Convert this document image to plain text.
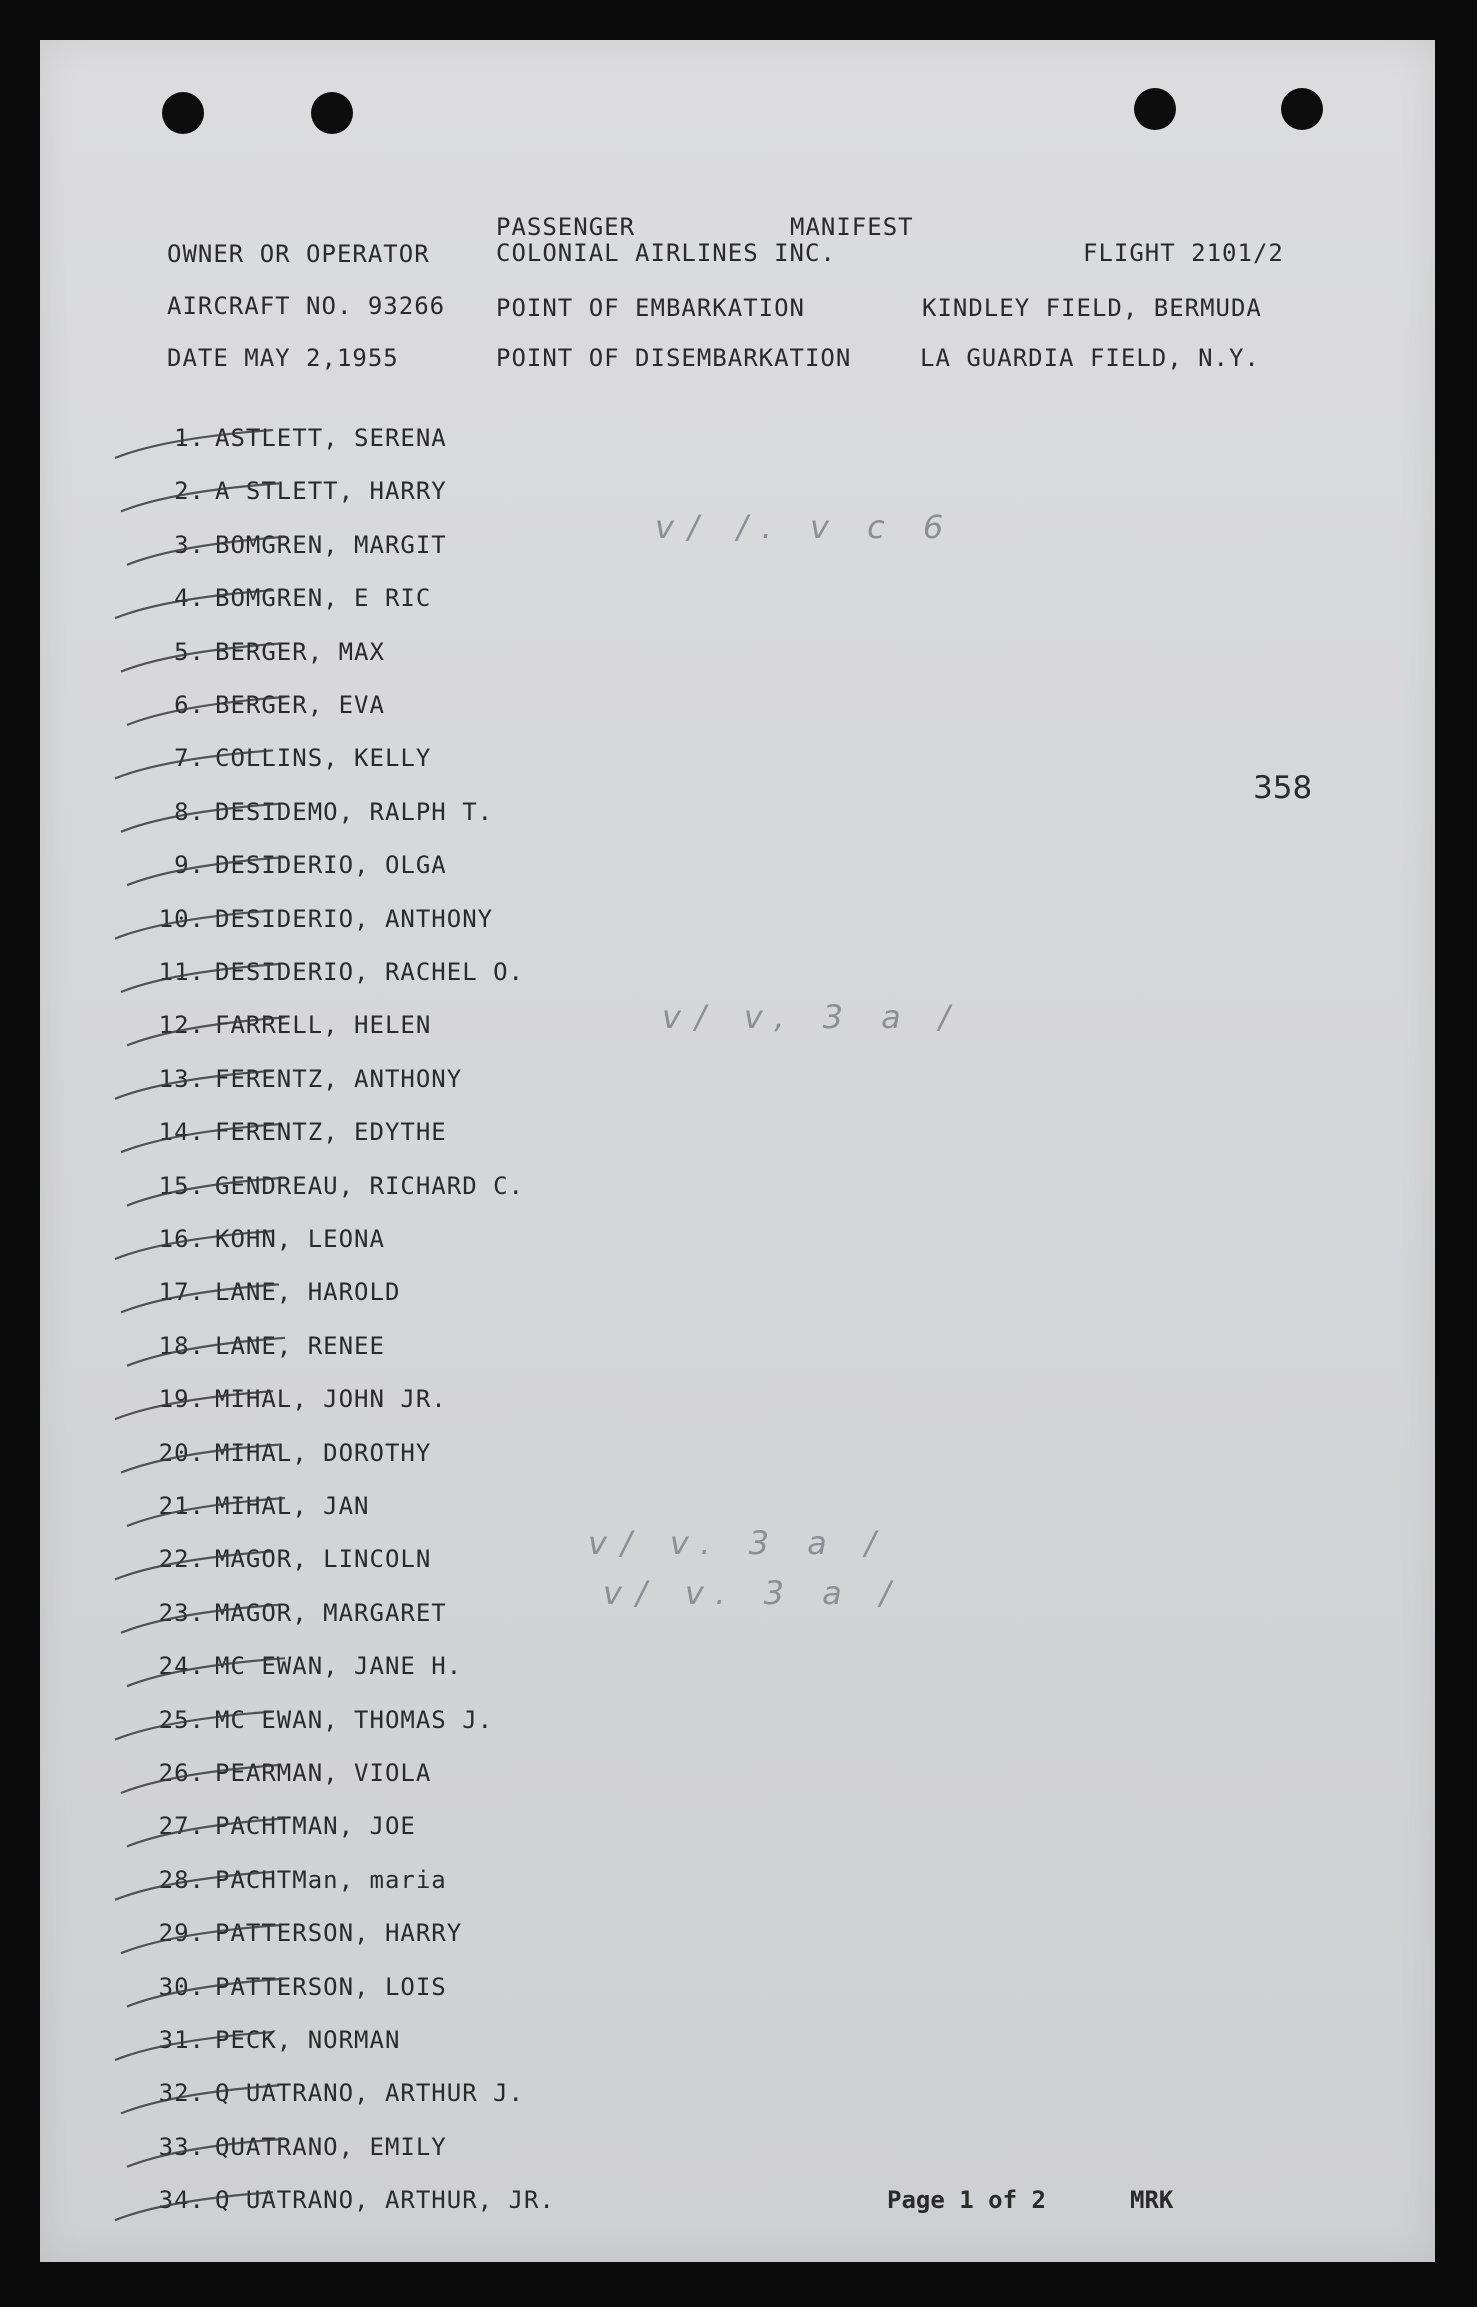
PASSENGER	MANIFEST
OWNER OR OPERATOR	COLONIAL AIRLINES INC.	FLIGHT 2101/2
AIRCRAFT NO. 93266 POINT OF EMBARKATION	KINDLEY FIELD, BERMUDA
DATE MAY 2,1955	POINT OF DISEMBARKATION	LA GUARDIA FIELD, N.Y.
358
v/ /. v c 6
v/ v, 3 a /
v/ v. 3 a /
v/ v. 3 a /
1. ASTLETT, SERENA
2. A STLETT, HARRY
3. BOMGREN, MARGIT
4. BOMGREN, E RIC
5. BERGER, MAX
6. BERGER, EVA
7. COLLINS, KELLY
8. DESIDEMO, RALPH T.
9. DESIDERIO, OLGA
10. DESIDERIO, ANTHONY
11. DESIDERIO, RACHEL O.
12. FARRELL, HELEN
13. FERENTZ, ANTHONY
14. FERENTZ, EDYTHE
15. GENDREAU, RICHARD C.
16. KOHN, LEONA
17. LANE, HAROLD
18. LANE, RENEE
19. MIHAL, JOHN JR.
20. MIHAL, DOROTHY
21. MIHAL, JAN
22. MAGOR, LINCOLN
23. MAGOR, MARGARET
24. MC EWAN, JANE H.
25. MC EWAN, THOMAS J.
26. PEARMAN, VIOLA
27. PACHTMAN, JOE
28. PACHTMan, maria
29. PATTERSON, HARRY
30. PATTERSON, LOIS
31. PECK, NORMAN
32. Q UATRANO, ARTHUR J.
33. QUATRANO, EMILY
34. Q UATRANO, ARTHUR, JR.	Page 1 of 2	MRK
